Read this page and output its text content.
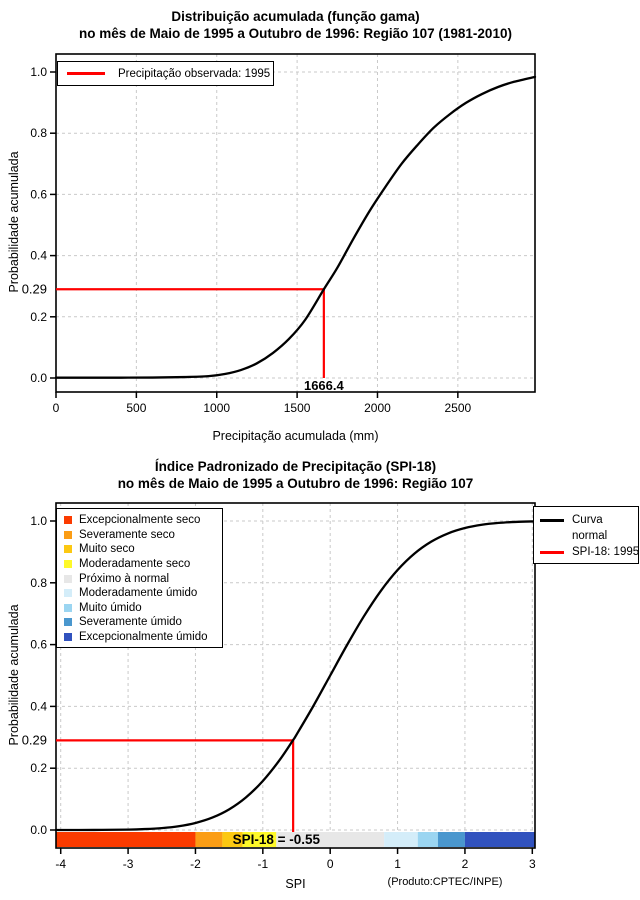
0	500	1000	1500	2000	2500
0.0
0.2
0.4
0.6
0.8
1.0
0.29
1666.4
Distribuição acumulada (função gama)
no mês de Maio de 1995 a Outubro de 1996: Região 107 (1981-2010)
Probabilidade acumulada
Precipitação acumulada (mm)
Precipitação observada: 1995
-4	-3	-2	-1	0	1	2	3
0.0
0.2
0.4
0.6
0.8
1.0
0.29
SPI-18 = -0.55
Índice Padronizado de Precipitação (SPI-18)
no mês de Maio de 1995 a Outubro de 1996: Região 107
Probabilidade acumulada
SPI	(Produto:CPTEC/INPE)
Excepcionalmente seco
Severamente seco
Muito seco
Moderadamente seco
Próximo à normal
Moderadamente úmido
Muito úmido
Severamente úmido
Excepcionalmente úmido
Curva
normal
SPI-18: 1995
